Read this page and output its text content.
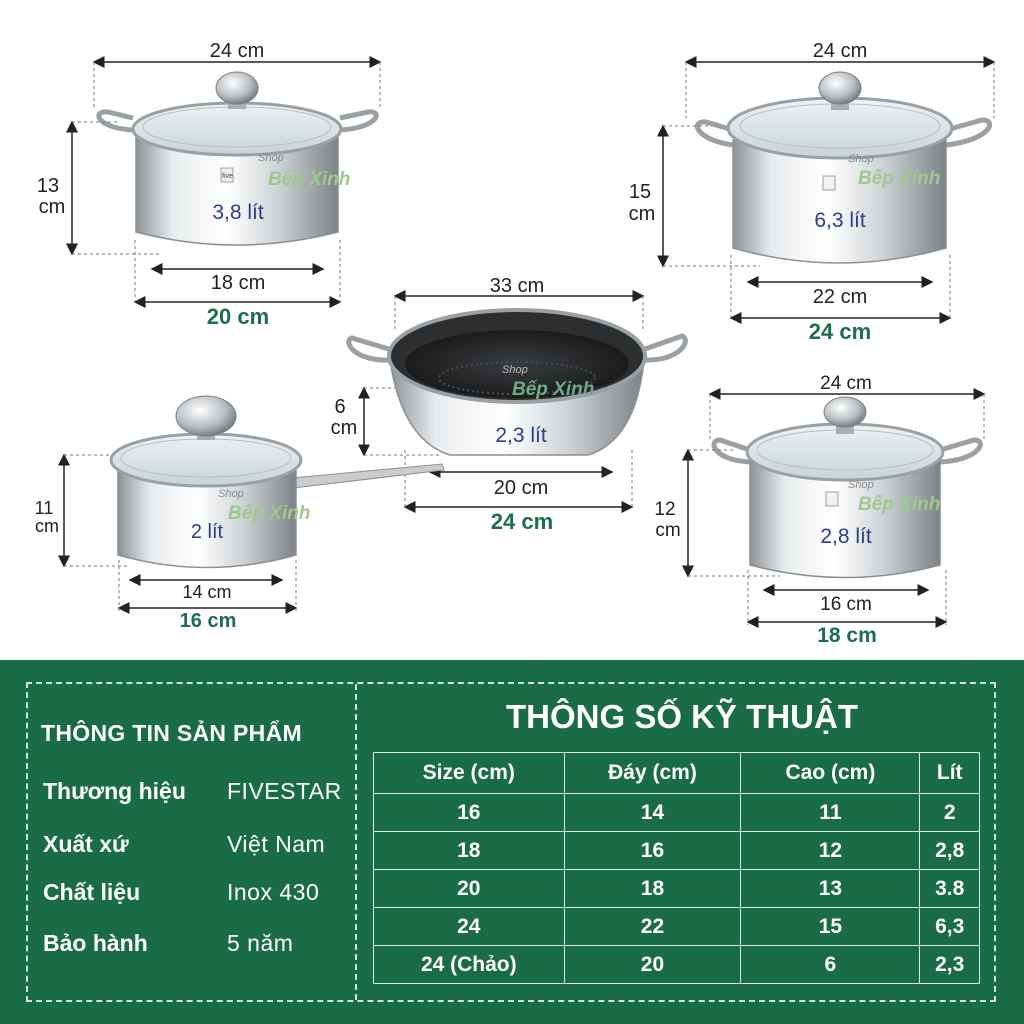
five
24 cm
13
cm	3,8 lít
18 cm
20 cm
Shop
Bếp Xinh
24 cm
15
cm	6,3 lít
22 cm
24 cm
Shop
Bếp Xinh
33 cm
6
cm	2,3 lít
20 cm
24 cm
Shop
Bếp Xinh
11
cm	2 lít
14 cm
16 cm
Shop
Bếp Xinh
24 cm
12
cm	2,8 lít
16 cm
18 cm
Shop
Bếp Xinh
THÔNG TIN SẢN PHẨM
Thương hiệu FIVESTAR
Xuất xứ	Việt Nam
Chất liệu	Inox 430
Bảo hành	5 năm
THÔNG SỐ KỸ THUẬT
Size (cm)	Đáy (cm)	Cao (cm)	Lít
16	14	11	2
18	16	12	2,8
20	18	13	3.8
24	22	15	6,3
24 (Chảo)	20	6	2,3
